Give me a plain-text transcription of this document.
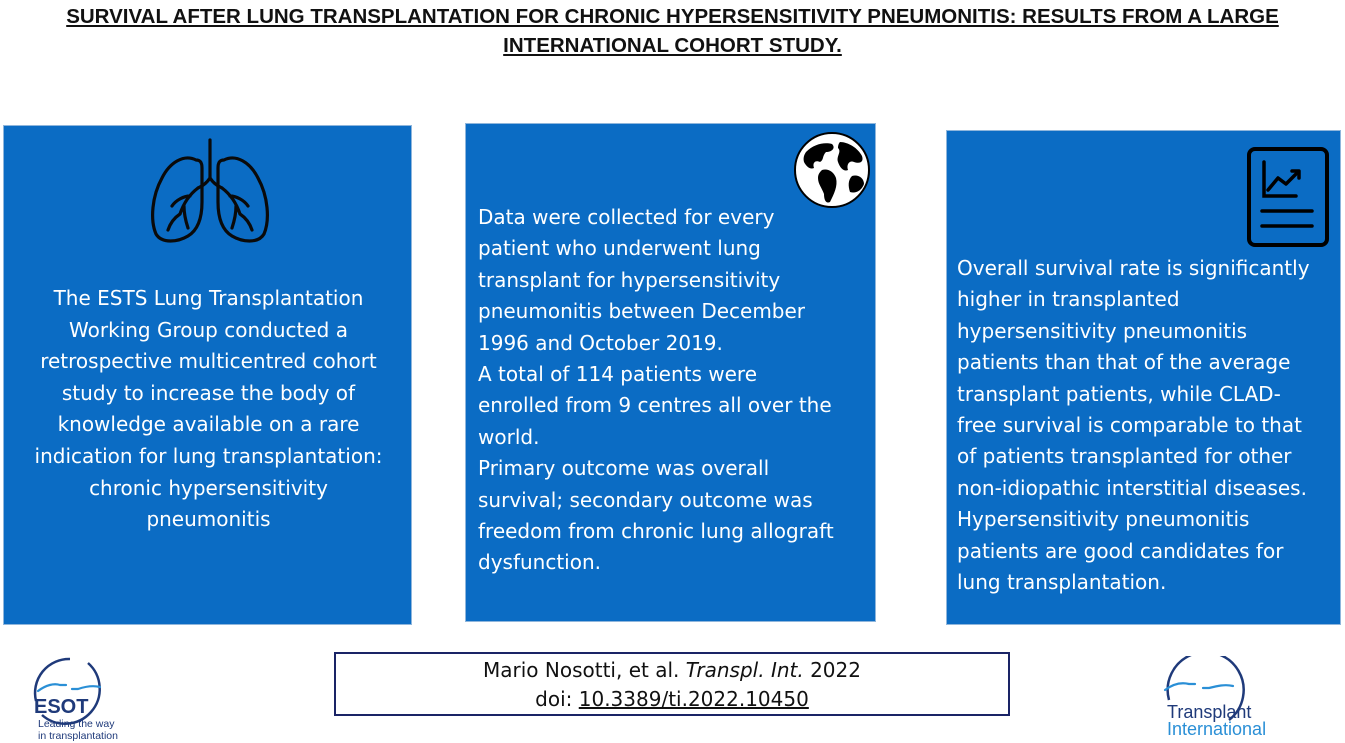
SURVIVAL AFTER LUNG TRANSPLANTATION FOR CHRONIC HYPERSENSITIVITY PNEUMONITIS: RESULTS FROM A LARGE
INTERNATIONAL COHORT STUDY.
The ESTS Lung Transplantation
Working Group conducted a
retrospective multicentred cohort
study to increase the body of
knowledge available on a rare
indication for lung transplantation:
chronic hypersensitivity
pneumonitis
Data were collected for every
patient who underwent lung
transplant for hypersensitivity
pneumonitis between December
1996 and October 2019.
A total of 114 patients were
enrolled from 9 centres all over the
world.
Primary outcome was overall
survival; secondary outcome was
freedom from chronic lung allograft
dysfunction.
Overall survival rate is significantly
higher in transplanted
hypersensitivity pneumonitis
patients than that of the average
transplant patients, while CLAD-
free survival is comparable to that
of patients transplanted for other
non-idiopathic interstitial diseases.
Hypersensitivity pneumonitis
patients are good candidates for
lung transplantation.
Mario Nosotti, et al. Transpl. Int. 2022
doi: 10.3389/ti.2022.10450
ESOT
Leading the way
in transplantation
Transplant
International
